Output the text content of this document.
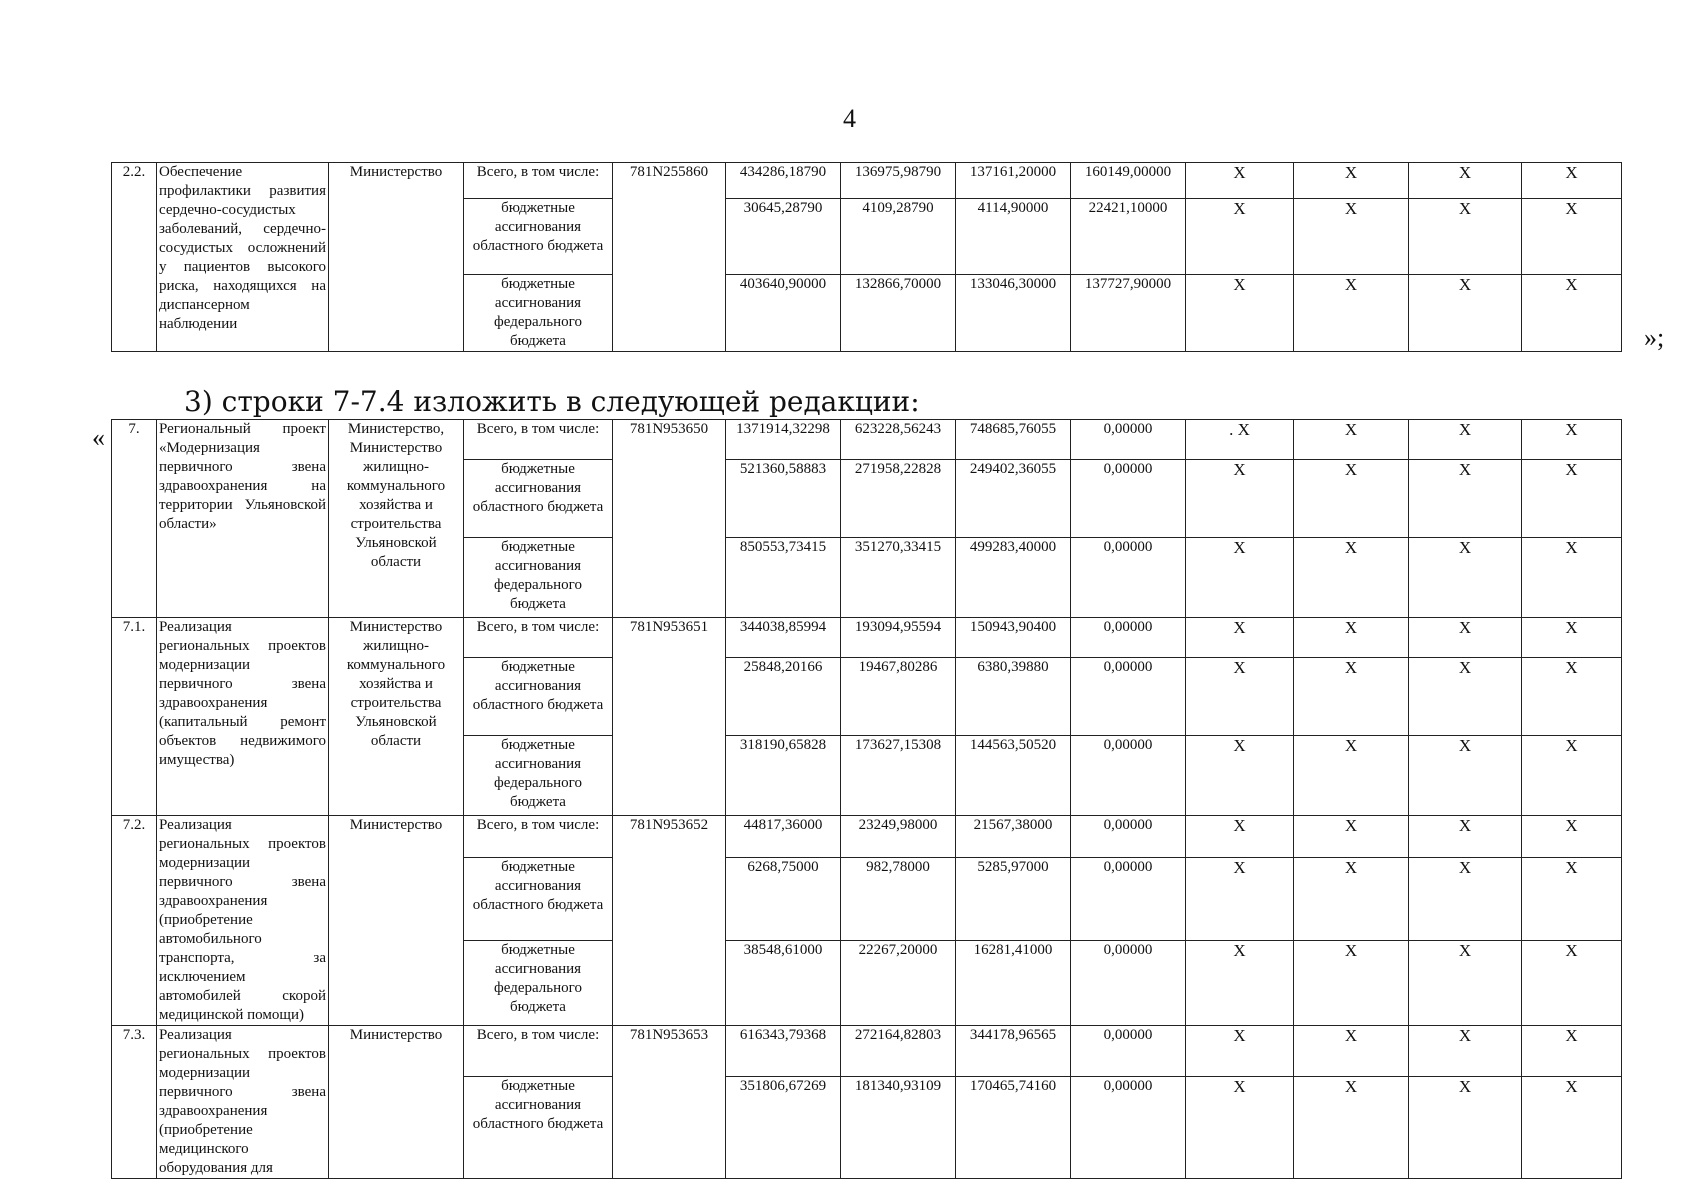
4
2.2.	Обеспечение профилактики развития сердечно-сосудистых заболеваний, сердечно-сосудистых осложнений у пациентов высокого риска, находящихся на диспансерном наблюдении	Министерство	Всего, в том числе:	781N255860	434286,18790	136975,98790	137161,20000	160149,00000	Х	Х	Х	Х
			бюджетные ассигнования областного бюджета		30645,28790	4109,28790	4114,90000	22421,10000	Х	Х	Х	Х
			бюджетные ассигнования федерального бюджета		403640,90000	132866,70000	133046,30000	137727,90000	Х	Х	Х	Х
»;
3) строки 7-7.4 изложить в следующей редакции:
« 7.	Региональный проект «Модернизация первичного звена здравоохранения на территории Ульяновской области»	Министерство, Министерство жилищно-коммунального хозяйства и строительства Ульяновской области	Всего, в том числе:	781N953650	1371914,32298	623228,56243	748685,76055	0,00000	. Х	Х	Х	Х
			бюджетные ассигнования областного бюджета		521360,58883	271958,22828	249402,36055	0,00000	Х	Х	Х	Х
			бюджетные ассигнования федерального бюджета		850553,73415	351270,33415	499283,40000	0,00000	Х	Х	Х	Х
7.1.	Реализация региональных проектов модернизации первичного звена здравоохранения (капитальный ремонт объектов недвижимого имущества)	Министерство жилищно-коммунального хозяйства и строительства Ульяновской области	Всего, в том числе:	781N953651	344038,85994	193094,95594	150943,90400	0,00000	Х	Х	Х	Х
			бюджетные ассигнования областного бюджета		25848,20166	19467,80286	6380,39880	0,00000	Х	Х	Х	Х
			бюджетные ассигнования федерального бюджета		318190,65828	173627,15308	144563,50520	0,00000	Х	Х	Х	Х
7.2.	Реализация региональных проектов модернизации первичного звена здравоохранения (приобретение автомобильного транспорта, за исключением автомобилей скорой медицинской помощи)	Министерство	Всего, в том числе:	781N953652	44817,36000	23249,98000	21567,38000	0,00000	Х	Х	Х	Х
			бюджетные ассигнования областного бюджета		6268,75000	982,78000	5285,97000	0,00000	Х	Х	Х	Х
			бюджетные ассигнования федерального бюджета		38548,61000	22267,20000	16281,41000	0,00000	Х	Х	Х	Х
7.3.	Реализация региональных проектов модернизации первичного звена здравоохранения (приобретение медицинского оборудования для	Министерство	Всего, в том числе:	781N953653	616343,79368	272164,82803	344178,96565	0,00000	Х	Х	Х	Х
			бюджетные ассигнования областного бюджета		351806,67269	181340,93109	170465,74160	0,00000	Х	Х	Х	Х
